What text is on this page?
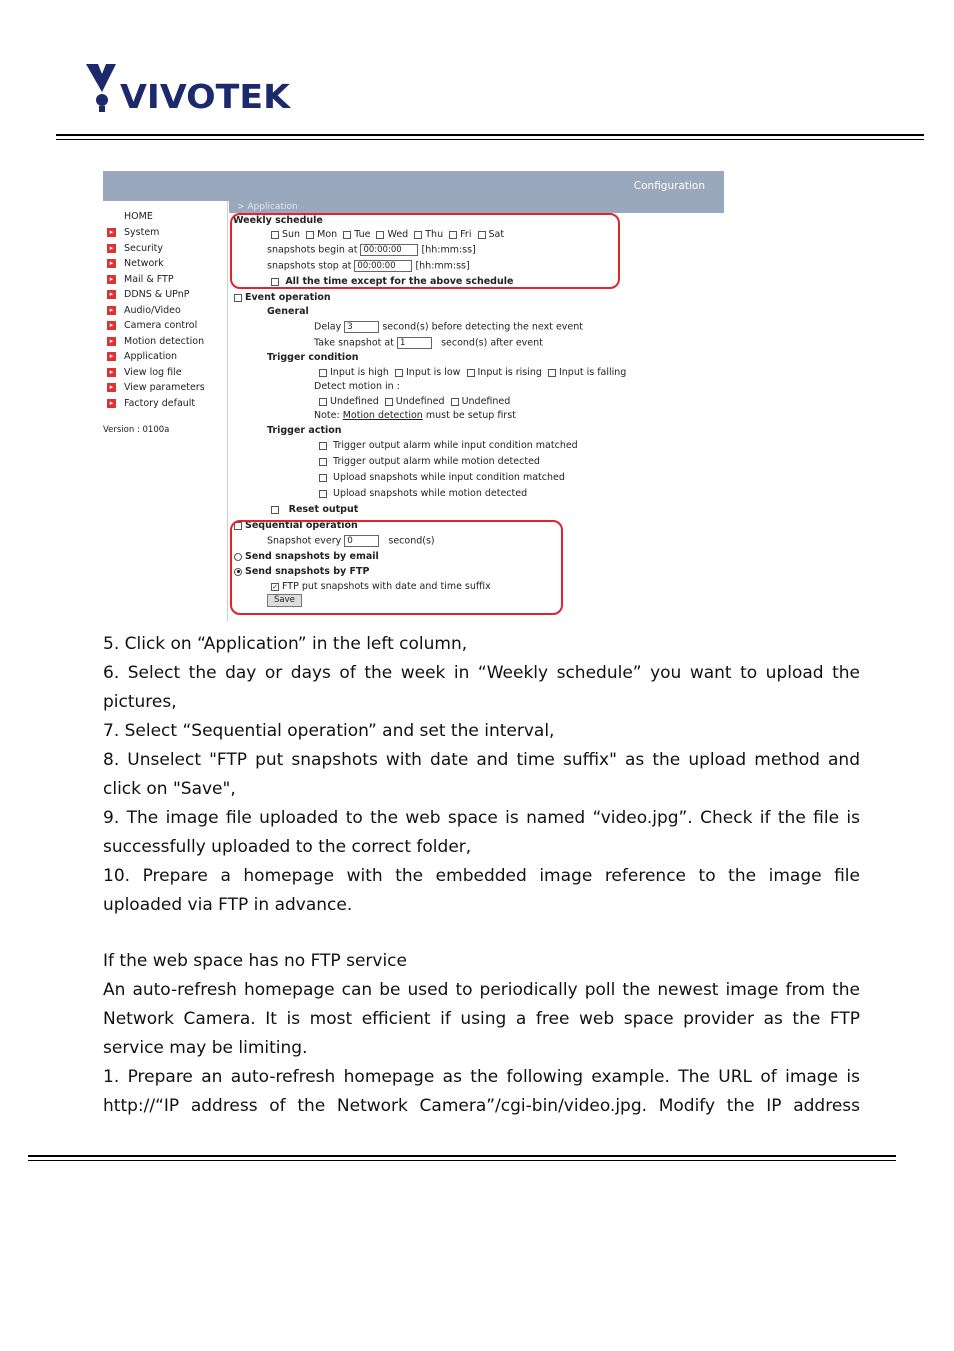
VIVOTEK
Configuration
> Application
HOME
▸ System
▸ Security
▸ Network
▸ Mail & FTP
▸ DDNS & UPnP
▸ Audio/Video
▸ Camera control
▸ Motion detection
▸ Application
▸ View log file
▸ View parameters
▸ Factory default
Version : 0100a
Weekly schedule
Sun Mon Tue Wed Thu Fri Sat
snapshots begin at 00:00:00 [hh:mm:ss]
snapshots stop at 00:00:00 [hh:mm:ss]
All the time except for the above schedule
Event operation
General
Delay 3	second(s) before detecting the next event
Take snapshot at 1	second(s) after event
Trigger condition
Input is high Input is low Input is rising Input is falling
Detect motion in :
Undefined Undefined Undefined
Note: Motion detection must be setup first
Trigger action
Trigger output alarm while input condition matched
Trigger output alarm while motion detected
Upload snapshots while input condition matched
Upload snapshots while motion detected
Reset output
Sequential operation
Snapshot every 0	second(s)
Send snapshots by email
Send snapshots by FTP
✓ FTP put snapshots with date and time suffix
Save
5. Click on “Application” in the left column,
6. Select the day or days of the week in “Weekly schedule” you want to upload the
pictures,
7. Select “Sequential operation” and set the interval,
8. Unselect "FTP put snapshots with date and time suffix" as the upload method and
click on "Save",
9. The image file uploaded to the web space is named “video.jpg”. Check if the file is
successfully uploaded to the correct folder,
10. Prepare a homepage with the embedded image reference to the image file
uploaded via FTP in advance.
If the web space has no FTP service
An auto-refresh homepage can be used to periodically poll the newest image from the
Network Camera. It is most efficient if using a free web space provider as the FTP
service may be limiting.
1. Prepare an auto-refresh homepage as the following example. The URL of image is
http://“IP address of the Network Camera”/cgi-bin/video.jpg. Modify the IP address
